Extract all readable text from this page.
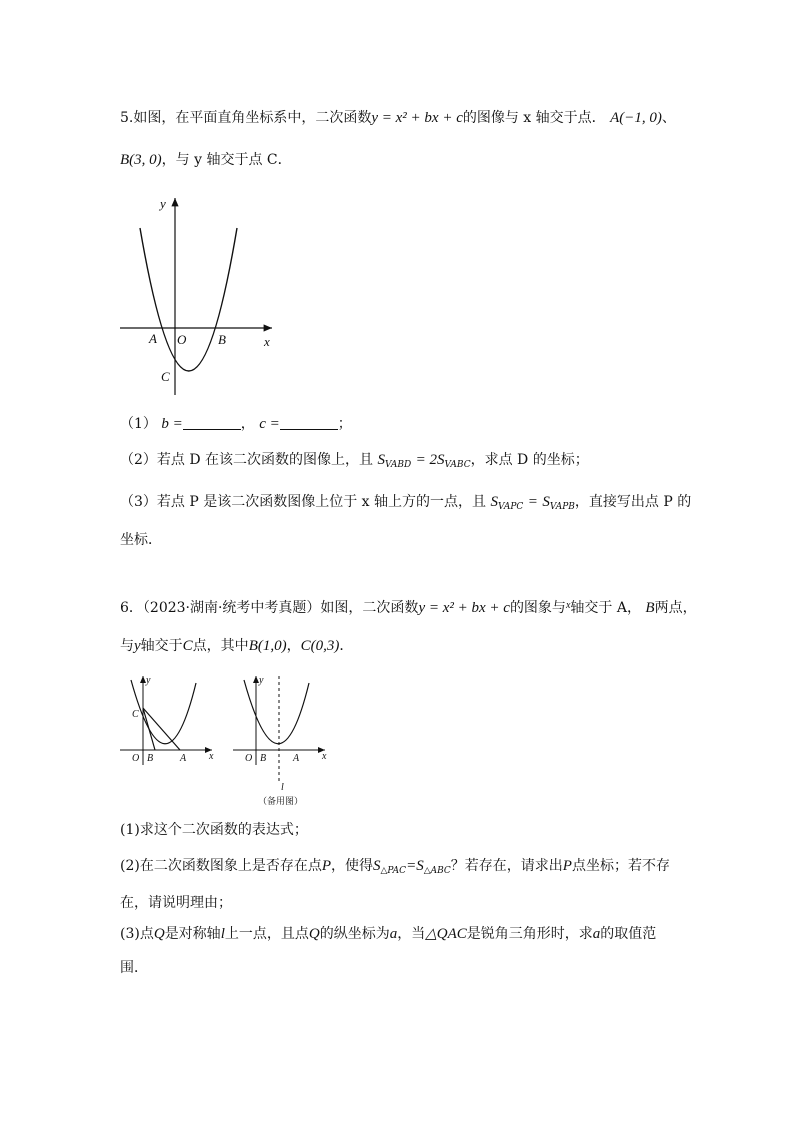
5.如图，在平面直角坐标系中，二次函数y = x² + bx + c的图像与 x 轴交于点． A(−1, 0)、
B(3, 0)，与 y 轴交于点 C．
y
x
O
A	B
C
（1） b =	， c =	；
（2）若点 D 在该二次函数的图像上，且 $S_{VABD} = 2S_{VABC}$，求点 D 的坐标；
（3）若点 P 是该二次函数图像上位于 x 轴上方的一点，且 $S_{VAPC} = S_{VAPB}$，直接写出点 P 的
坐标．
6．（2023·湖南·统考中考真题）如图，二次函数y = x² + bx + c的图象与$^x$轴交于 A， B两点，
与y轴交于C点，其中B(1,0)，C(0,3)．
y
x
C
O B	A
y
x
O B	A
l
（备用图）
(1)求这个二次函数的表达式；
(2)在二次函数图象上是否存在点P，使得$S_{\triangle PAC}=S_{\triangle ABC}$？若存在，请求出P点坐标；若不存
在，请说明理由；
(3)点Q是对称轴l上一点，且点Q的纵坐标为a，当△QAC是锐角三角形时，求a的取值范
围．
